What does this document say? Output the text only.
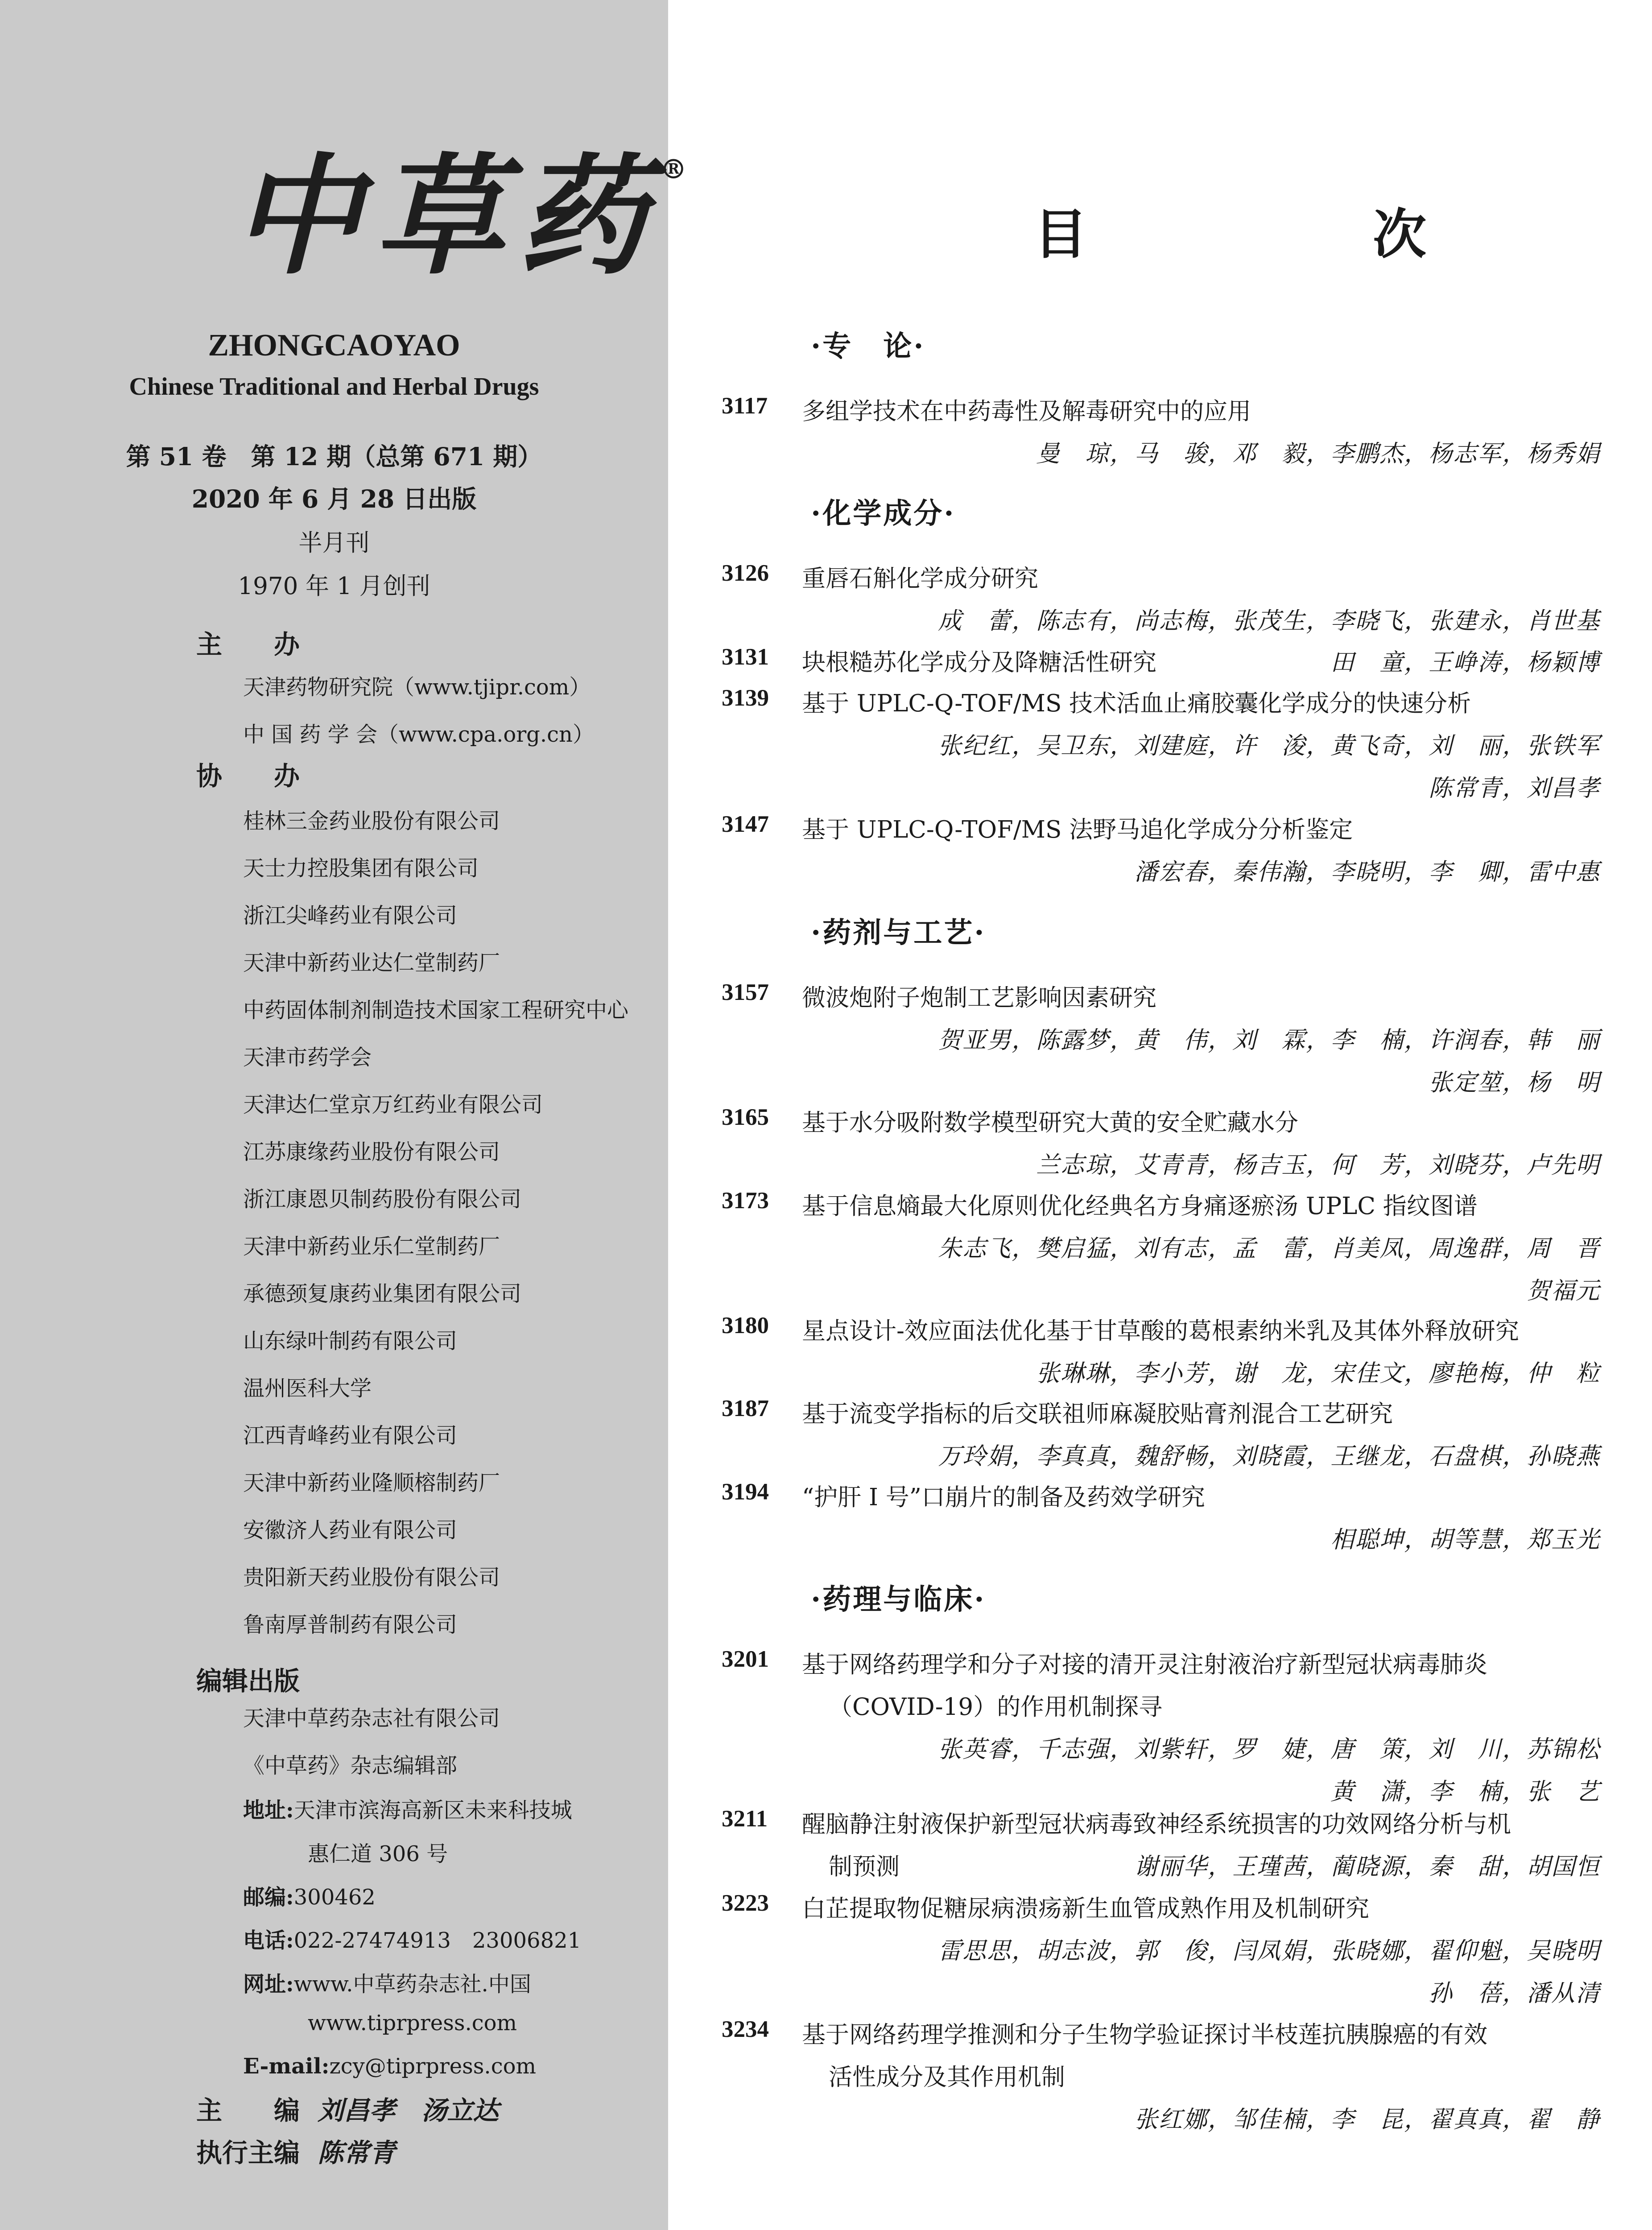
中草药®
ZHONGCAOYAO
Chinese Traditional and Herbal Drugs
第 51 卷　第 12 期（总第 671 期）
2020 年 6 月 28 日出版
半月刊
1970 年 1 月创刊
主　　办
天津药物研究院（www.tjipr.com）
中 国 药 学 会（www.cpa.org.cn）
协　　办
桂林三金药业股份有限公司
天士力控股集团有限公司
浙江尖峰药业有限公司
天津中新药业达仁堂制药厂
中药固体制剂制造技术国家工程研究中心
天津市药学会
天津达仁堂京万红药业有限公司
江苏康缘药业股份有限公司
浙江康恩贝制药股份有限公司
天津中新药业乐仁堂制药厂
承德颈复康药业集团有限公司
山东绿叶制药有限公司
温州医科大学
江西青峰药业有限公司
天津中新药业隆顺榕制药厂
安徽济人药业有限公司
贵阳新天药业股份有限公司
鲁南厚普制药有限公司
编辑出版
天津中草药杂志社有限公司
《中草药》杂志编辑部
地址:天津市滨海高新区未来科技城
惠仁道 306 号
邮编:300462
电话:022-27474913　23006821
网址:www.中草药杂志社.中国
www.tiprpress.com
E-mail:zcy@tiprpress.com
主　　编 刘昌孝　汤立达
执行主编 陈常青
目　次
·专　论·
3117 多组学技术在中药毒性及解毒研究中的应用
曼　琼，马　骏，邓　毅，李鹏杰，杨志军，杨秀娟
·化学成分·
3126 重唇石斛化学成分研究
成　蕾，陈志有，尚志梅，张茂生，李晓飞，张建永，肖世基
3131 块根糙苏化学成分及降糖活性研究	田　童，王峥涛，杨颖博
3139 基于 UPLC-Q-TOF/MS 技术活血止痛胶囊化学成分的快速分析
张纪红，吴卫东，刘建庭，许　浚，黄飞奇，刘　丽，张铁军
陈常青，刘昌孝
3147 基于 UPLC-Q-TOF/MS 法野马追化学成分分析鉴定
潘宏春，秦伟瀚，李晓明，李　卿，雷中惠
·药剂与工艺·
3157 微波炮附子炮制工艺影响因素研究
贺亚男，陈露梦，黄　伟，刘　霖，李　楠，许润春，韩　丽
张定堃，杨　明
3165 基于水分吸附数学模型研究大黄的安全贮藏水分
兰志琼，艾青青，杨吉玉，何　芳，刘晓芬，卢先明
3173 基于信息熵最大化原则优化经典名方身痛逐瘀汤 UPLC 指纹图谱
朱志飞，樊启猛，刘有志，孟　蕾，肖美凤，周逸群，周　晋
贺福元
3180 星点设计-效应面法优化基于甘草酸的葛根素纳米乳及其体外释放研究
张琳琳，李小芳，谢　龙，宋佳文，廖艳梅，仲　粒
3187 基于流变学指标的后交联祖师麻凝胶贴膏剂混合工艺研究
万玲娟，李真真，魏舒畅，刘晓霞，王继龙，石盘棋，孙晓燕
3194 “护肝 I 号”口崩片的制备及药效学研究
相聪坤，胡等慧，郑玉光
·药理与临床·
3201 基于网络药理学和分子对接的清开灵注射液治疗新型冠状病毒肺炎
（COVID-19）的作用机制探寻
张英睿，千志强，刘紫轩，罗　婕，唐　策，刘　川，苏锦松
黄　潇，李　楠，张　艺
3211 醒脑静注射液保护新型冠状病毒致神经系统损害的功效网络分析与机
制预测	谢丽华，王瑾茜，蔺晓源，秦　甜，胡国恒
3223 白芷提取物促糖尿病溃疡新生血管成熟作用及机制研究
雷思思，胡志波，郭　俊，闫凤娟，张晓娜，翟仰魁，吴晓明
孙　蓓，潘从清
3234 基于网络药理学推测和分子生物学验证探讨半枝莲抗胰腺癌的有效
活性成分及其作用机制
张红娜，邹佳楠，李　昆，翟真真，翟　静
